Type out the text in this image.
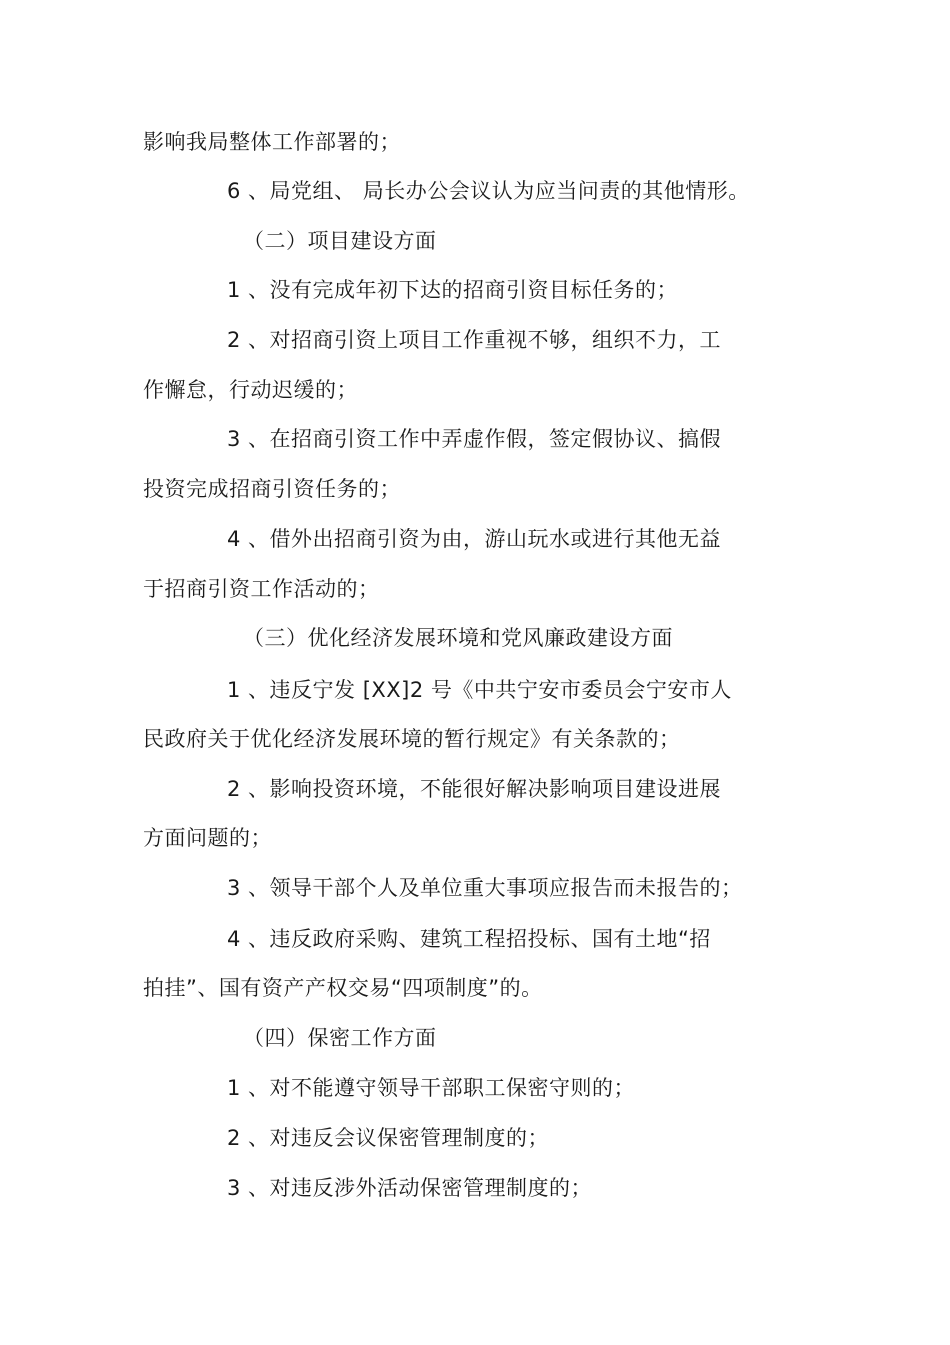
影响我局整体工作部署的；
6 、局党组、 局长办公会议认为应当问责的其他情形。
（二）项目建设方面
1 、没有完成年初下达的招商引资目标任务的；
2 、对招商引资上项目工作重视不够，组织不力，工
作懈怠，行动迟缓的；
3 、在招商引资工作中弄虚作假，签定假协议、搞假
投资完成招商引资任务的；
4 、借外出招商引资为由，游山玩水或进行其他无益
于招商引资工作活动的；
（三）优化经济发展环境和党风廉政建设方面
1 、违反宁发 [XX]2 号《中共宁安市委员会宁安市人
民政府关于优化经济发展环境的暂行规定》有关条款的；
2 、影响投资环境，不能很好解决影响项目建设进展
方面问题的；
3 、领导干部个人及单位重大事项应报告而未报告的；
4 、违反政府采购、建筑工程招投标、国有土地“招
拍挂”、国有资产产权交易“四项制度”的。
（四）保密工作方面
1 、对不能遵守领导干部职工保密守则的；
2 、对违反会议保密管理制度的；
3 、对违反涉外活动保密管理制度的；
